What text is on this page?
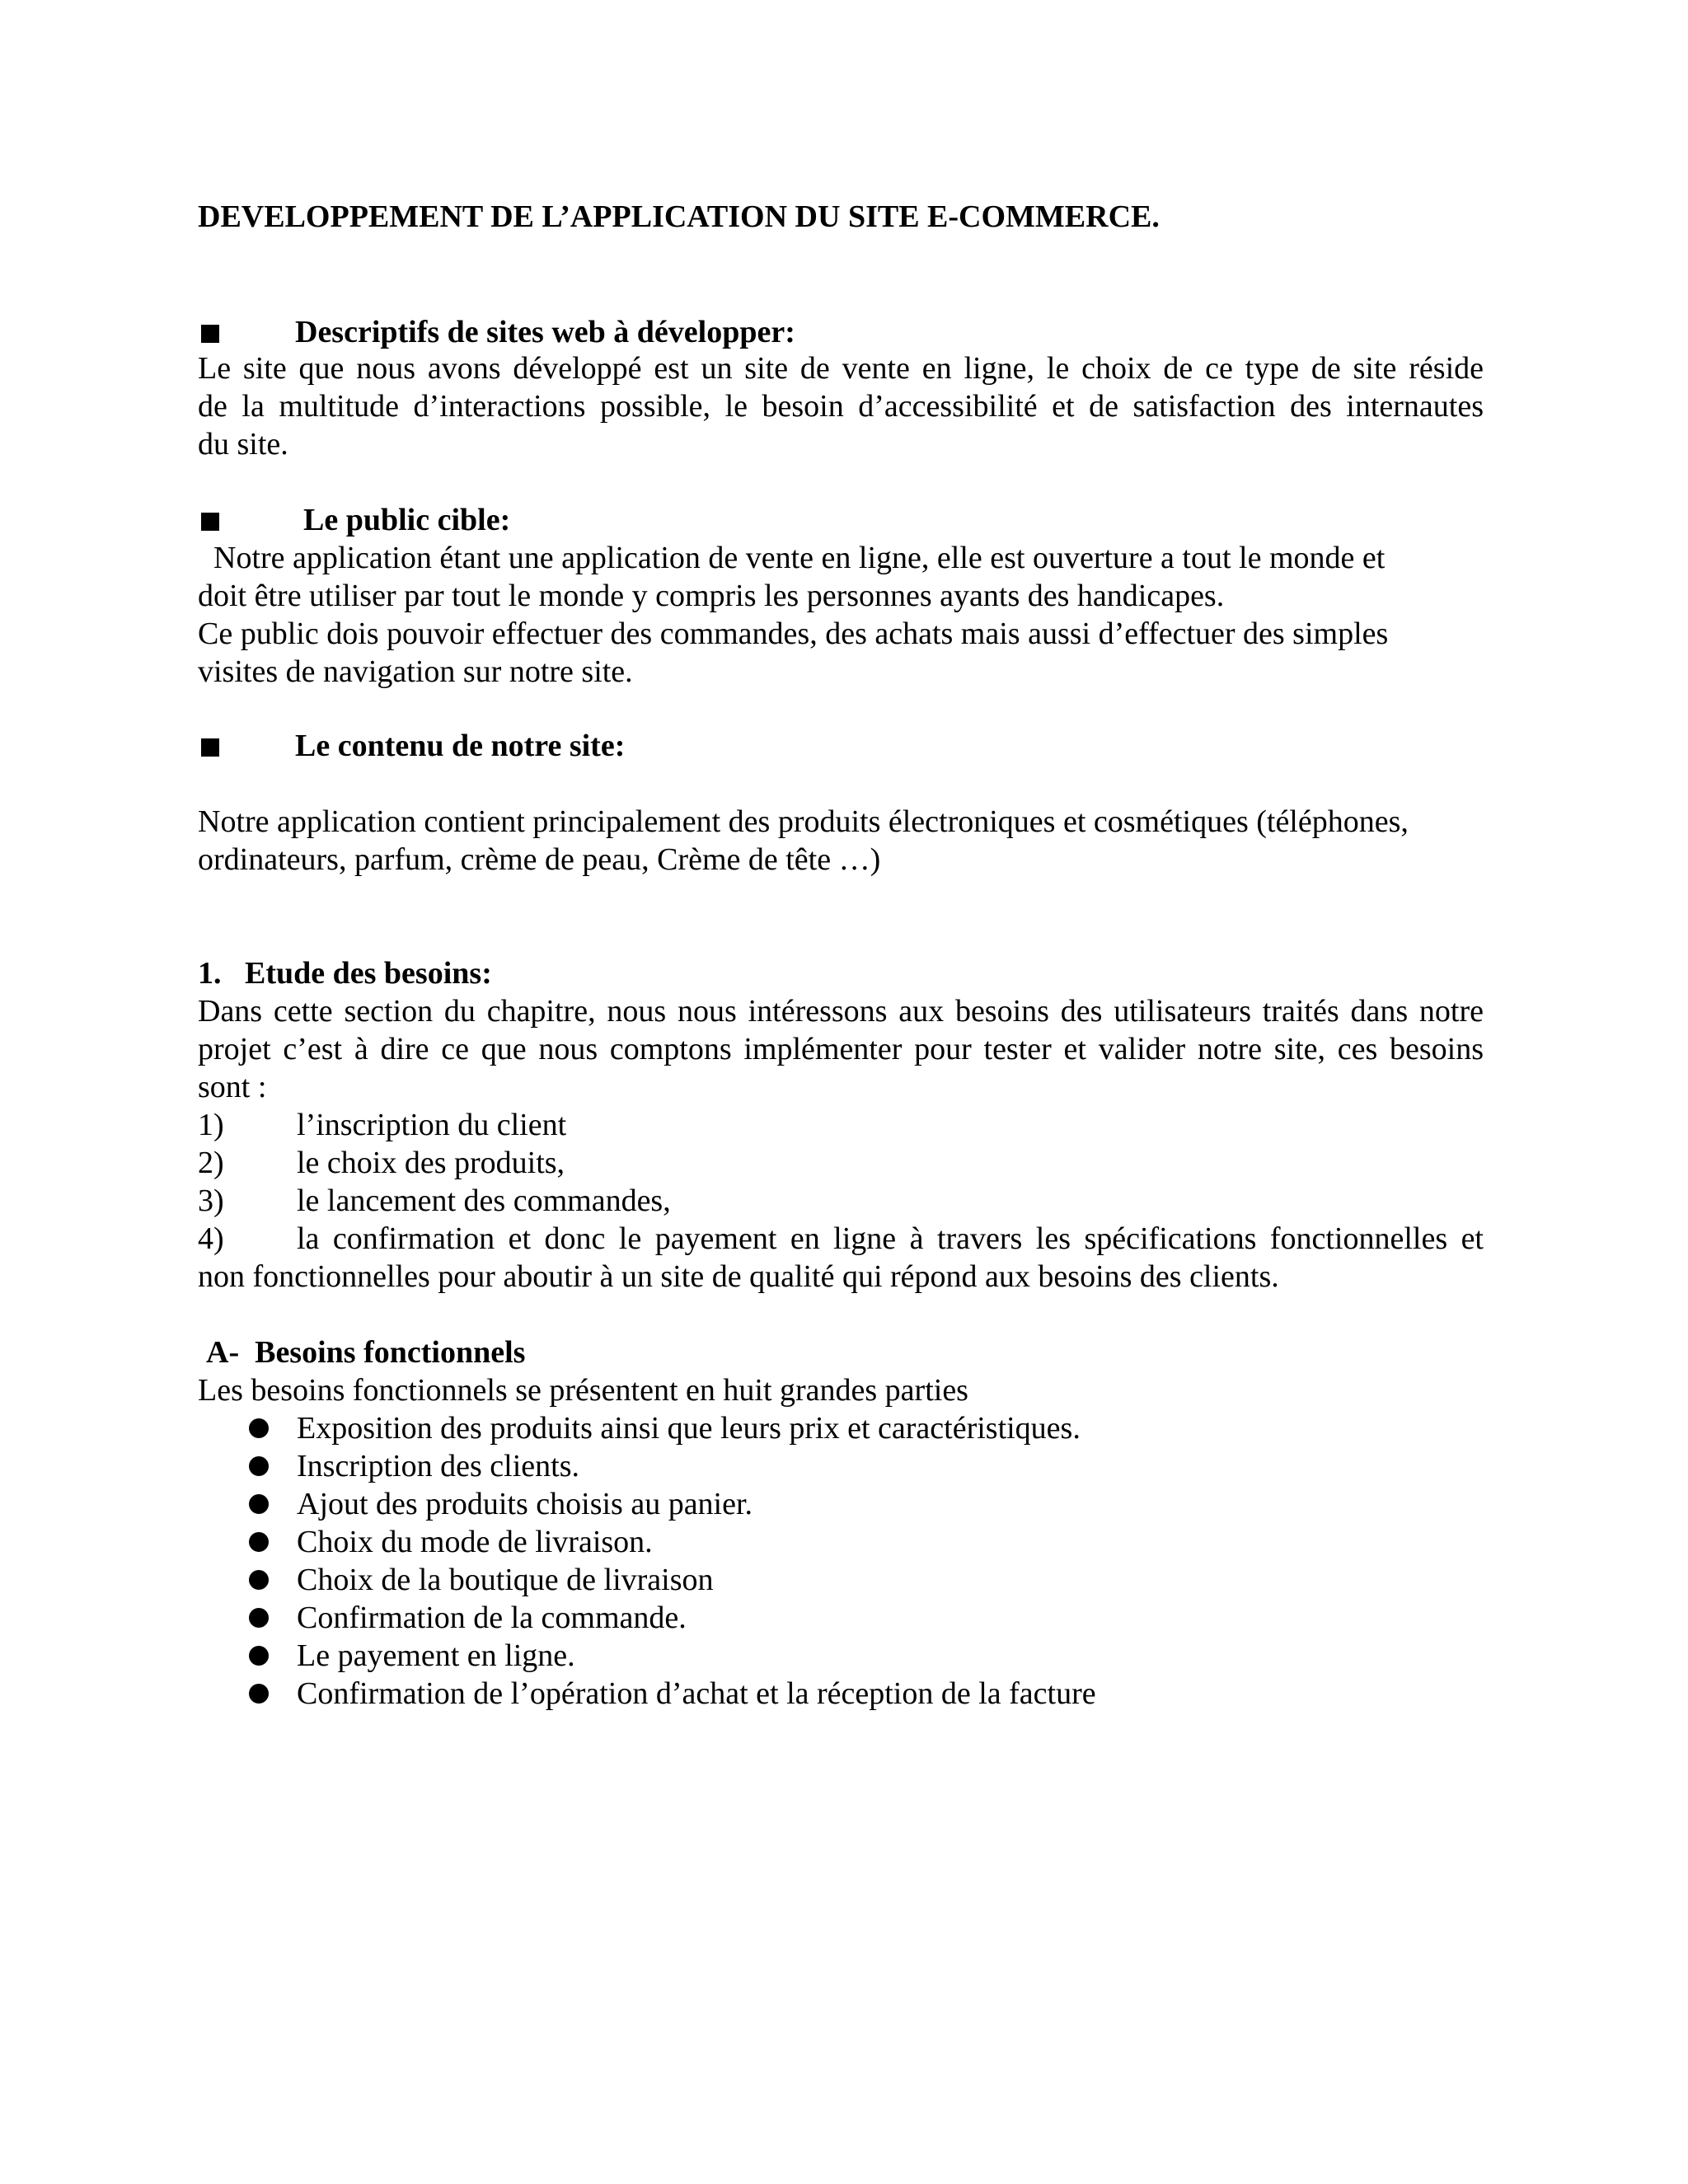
DEVELOPPEMENT DE L’APPLICATION DU SITE E-COMMERCE.
Descriptifs de sites web à développer:
Le site que nous avons développé est un site de vente en ligne, le choix de ce type de site réside
de la multitude d’interactions possible, le besoin d’accessibilité et de satisfaction des internautes
du site.
Le public cible:
Notre application étant une application de vente en ligne, elle est ouverture a tout le monde et
doit être utiliser par tout le monde y compris les personnes ayants des handicapes.
Ce public dois pouvoir effectuer des commandes, des achats mais aussi d’effectuer des simples
visites de navigation sur notre site.
Le contenu de notre site:
Notre application contient principalement des produits électroniques et cosmétiques (téléphones,
ordinateurs, parfum, crème de peau, Crème de tête …)
1.   Etude des besoins:
Dans cette section du chapitre, nous nous intéressons aux besoins des utilisateurs traités dans notre
projet c’est à dire ce que nous comptons implémenter pour tester et valider notre site, ces besoins
sont :
1) l’inscription du client
2) le choix des produits,
3) le lancement des commandes,
4) la confirmation et donc le payement en ligne à travers les spécifications fonctionnelles et
non fonctionnelles pour aboutir à un site de qualité qui répond aux besoins des clients.
A-  Besoins fonctionnels
Les besoins fonctionnels se présentent en huit grandes parties
Exposition des produits ainsi que leurs prix et caractéristiques.
Inscription des clients.
Ajout des produits choisis au panier.
Choix du mode de livraison.
Choix de la boutique de livraison
Confirmation de la commande.
Le payement en ligne.
Confirmation de l’opération d’achat et la réception de la facture
